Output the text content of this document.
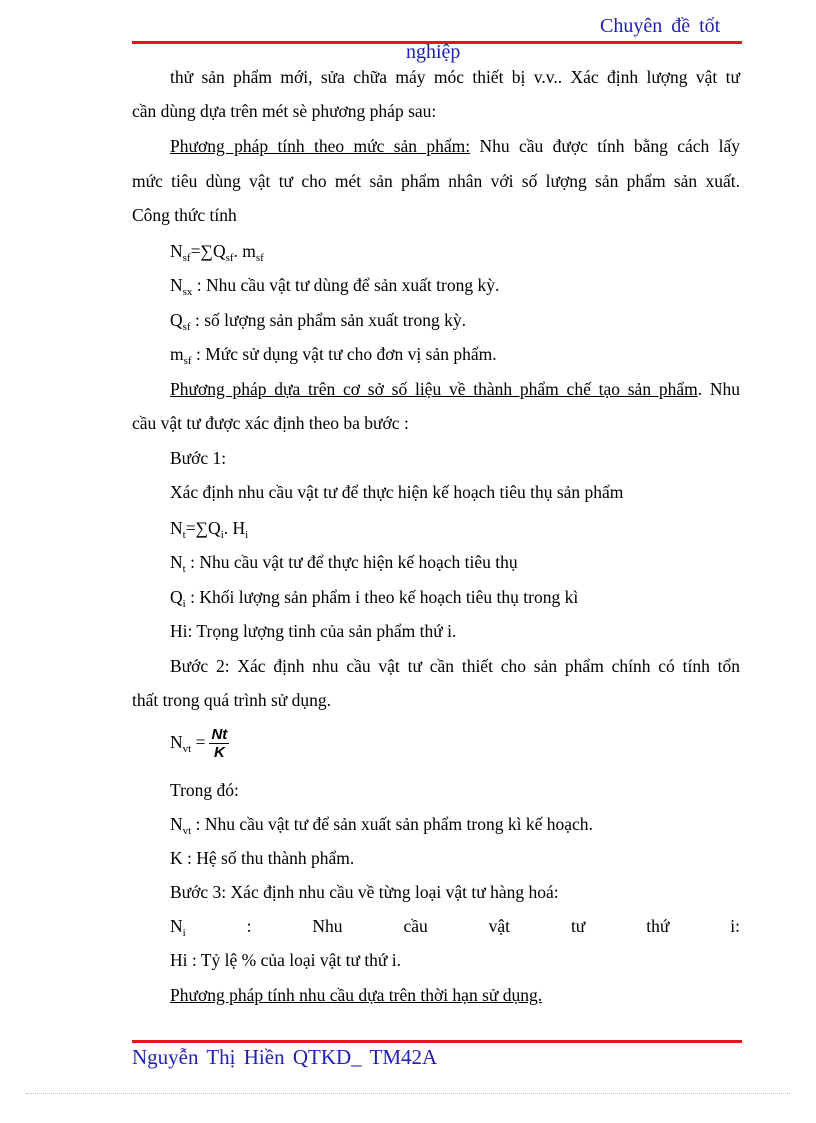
Chuyên đề tốt
nghiệp
thử sản phẩm mới, sửa chữa máy móc thiết bị v.v.. Xác định lượng vật tư
cần dùng dựa trên mét sè phương pháp sau:
Phương pháp tính theo mức sản phẩm: Nhu cầu được tính bằng cách lấy
mức tiêu dùng vật tư cho mét sản phẩm nhân với số lượng sản phẩm sản xuất.
Công thức tính
$N_{sf}=\sum Q_{sf}$. $m_{sf}$
$N_{sx}$ : Nhu cầu vật tư dùng để sản xuất trong kỳ.
$Q_{sf}$ : số lượng sản phẩm sản xuất trong kỳ.
$m_{sf}$ : Mức sử dụng vật tư cho đơn vị sản phẩm.
Phương pháp dựa trên cơ sở số liệu về thành phẩm chế tạo sản phẩm. Nhu
cầu vật tư được xác định theo ba bước :
Bước 1:
Xác định nhu cầu vật tư để thực hiện kế hoạch tiêu thụ sản phẩm
$N_t=\sum Q_i$. $H_i$
$N_t$ : Nhu cầu vật tư để thực hiện kế hoạch tiêu thụ
$Q_i$ : Khối lượng sản phẩm i theo kế hoạch tiêu thụ trong kì
Hi: Trọng lượng tinh của sản phẩm thứ i.
Bước 2: Xác định nhu cầu vật tư cần thiết cho sản phẩm chính có tính tổn
thất trong quá trình sử dụng.
$N_{vt} = \frac{Nt}{K}$
Trong đó:
$N_{vt}$ : Nhu cầu vật tư để sản xuất sản phẩm trong kì kế hoạch.
K : Hệ số thu thành phẩm.
Bước 3: Xác định nhu cầu về từng loại vật tư hàng hoá:
$N_i$	:	Nhu	cầu	vật	tư	thứ	i:
Hi : Tỷ lệ % của loại vật tư thứ i.
Phương pháp tính nhu cầu dựa trên thời hạn sử dụng.
Nguyễn Thị Hiền QTKD_ TM42A
